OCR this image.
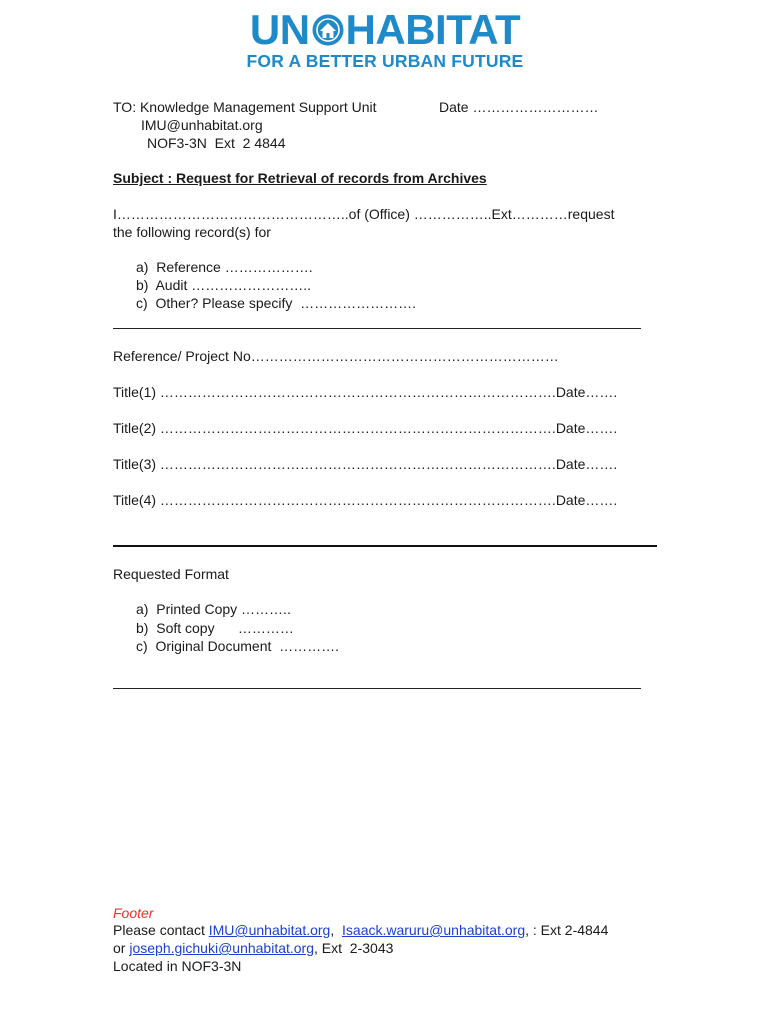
UN HABITAT
FOR A BETTER URBAN FUTURE
TO: Knowledge Management Support Unit	Date ………………………
IMU@unhabitat.org
NOF3-3N  Ext  2 4844
Subject : Request for Retrieval of records from Archives
I…………………………………………..of (Office) ……………..Ext…………request
the following record(s) for
a)  Reference ……………….
b)  Audit ……………………..
c)  Other? Please specify  …………………….
Reference/ Project No…………………………………………………………
Title(1) ………………………………………………………………………….Date…….
Title(2) ………………………………………………………………………….Date…….
Title(3) ………………………………………………………………………….Date…….
Title(4) ………………………………………………………………………….Date…….
Requested Format
a)  Printed Copy ………..
b)  Soft copy      …………
c)  Original Document  ………….
Footer
Please contact IMU@unhabitat.org,  Isaack.waruru@unhabitat.org, : Ext 2-4844
or joseph.gichuki@unhabitat.org, Ext  2-3043
Located in NOF3-3N
